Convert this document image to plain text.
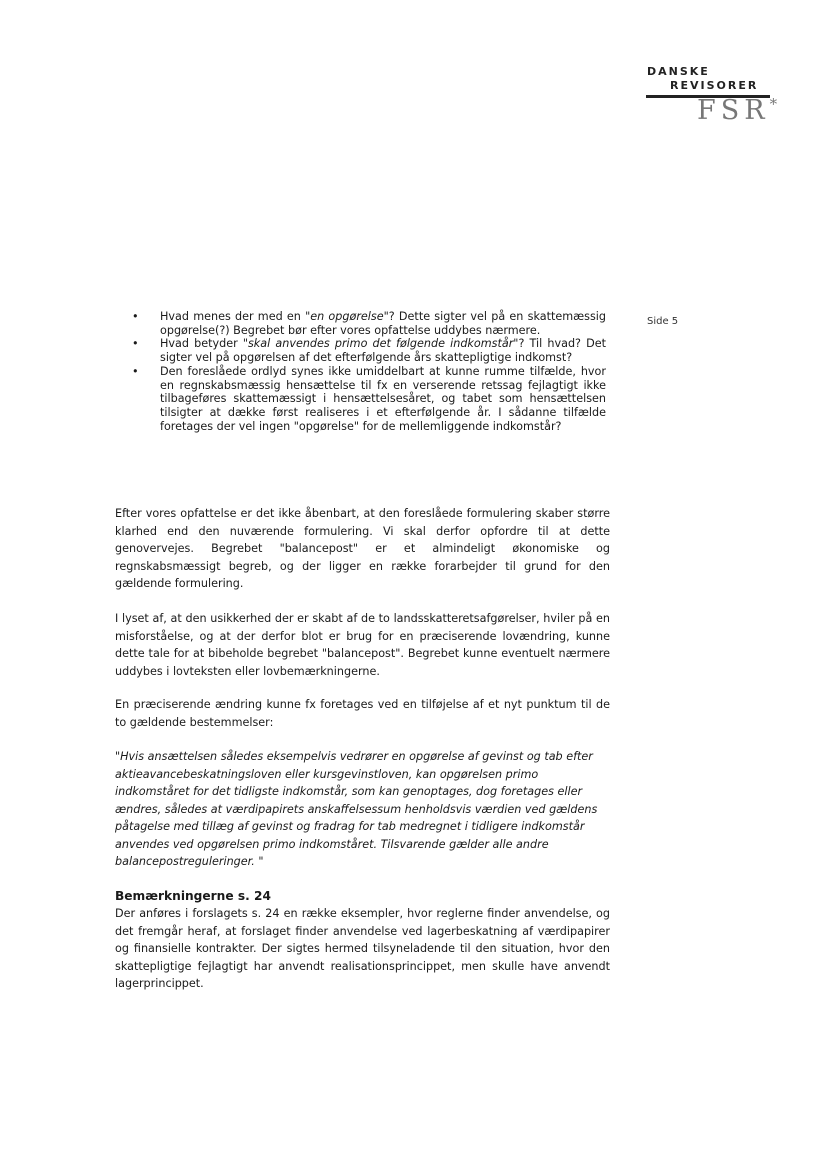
DANSKE
REVISORER
FSR*
Side 5
• Hvad menes der med en "en opgørelse"? Dette sigter vel på en skattemæssig opgørelse(?) Begrebet bør efter vores opfattelse uddybes nærmere.
• Hvad betyder "skal anvendes primo det følgende indkomstår"? Til hvad? Det sigter vel på opgørelsen af det efterfølgende års skattepligtige indkomst?
• Den foreslåede ordlyd synes ikke umiddelbart at kunne rumme tilfælde, hvor en regnskabsmæssig hensættelse til fx en verserende retssag fejlagtigt ikke tilbageføres skattemæssigt i hensættelsesåret, og tabet som hensættelsen tilsigter at dække først realiseres i et efterfølgende år. I sådanne tilfælde foretages der vel ingen "opgørelse" for de mellemliggende indkomstår?

Efter vores opfattelse er det ikke åbenbart, at den foreslåede formulering skaber større klarhed end den nuværende formulering. Vi skal derfor opfordre til at dette genovervejes. Begrebet "balancepost" er et almindeligt økonomiske og regnskabsmæssigt begreb, og der ligger en række forarbejder til grund for den gældende formulering.

I lyset af, at den usikkerhed der er skabt af de to landsskatteretsafgørelser, hviler på en misforståelse, og at der derfor blot er brug for en præciserende lovændring, kunne dette tale for at bibeholde begrebet "balancepost". Begrebet kunne eventuelt nærmere uddybes i lovteksten eller lovbemærkningerne.

En præciserende ændring kunne fx foretages ved en tilføjelse af et nyt punktum til de to gældende bestemmelser:

"Hvis ansættelsen således eksempelvis vedrører en opgørelse af gevinst og tab efter aktieavancebeskatningsloven eller kursgevinstloven, kan opgørelsen primo indkomståret for det tidligste indkomstår, som kan genoptages, dog foretages eller ændres, således at værdipapirets anskaffelsessum henholdsvis værdien ved gældens påtagelse med tillæg af gevinst og fradrag for tab medregnet i tidligere indkomstår anvendes ved opgørelsen primo indkomståret. Tilsvarende gælder alle andre balancepostreguleringer. "

Bemærkningerne s. 24

Der anføres i forslagets s. 24 en række eksempler, hvor reglerne finder anvendelse, og det fremgår heraf, at forslaget finder anvendelse ved lagerbeskatning af værdipapirer og finansielle kontrakter. Der sigtes hermed tilsyneladende til den situation, hvor den skattepligtige fejlagtigt har anvendt realisationsprincippet, men skulle have anvendt lagerprincippet.
